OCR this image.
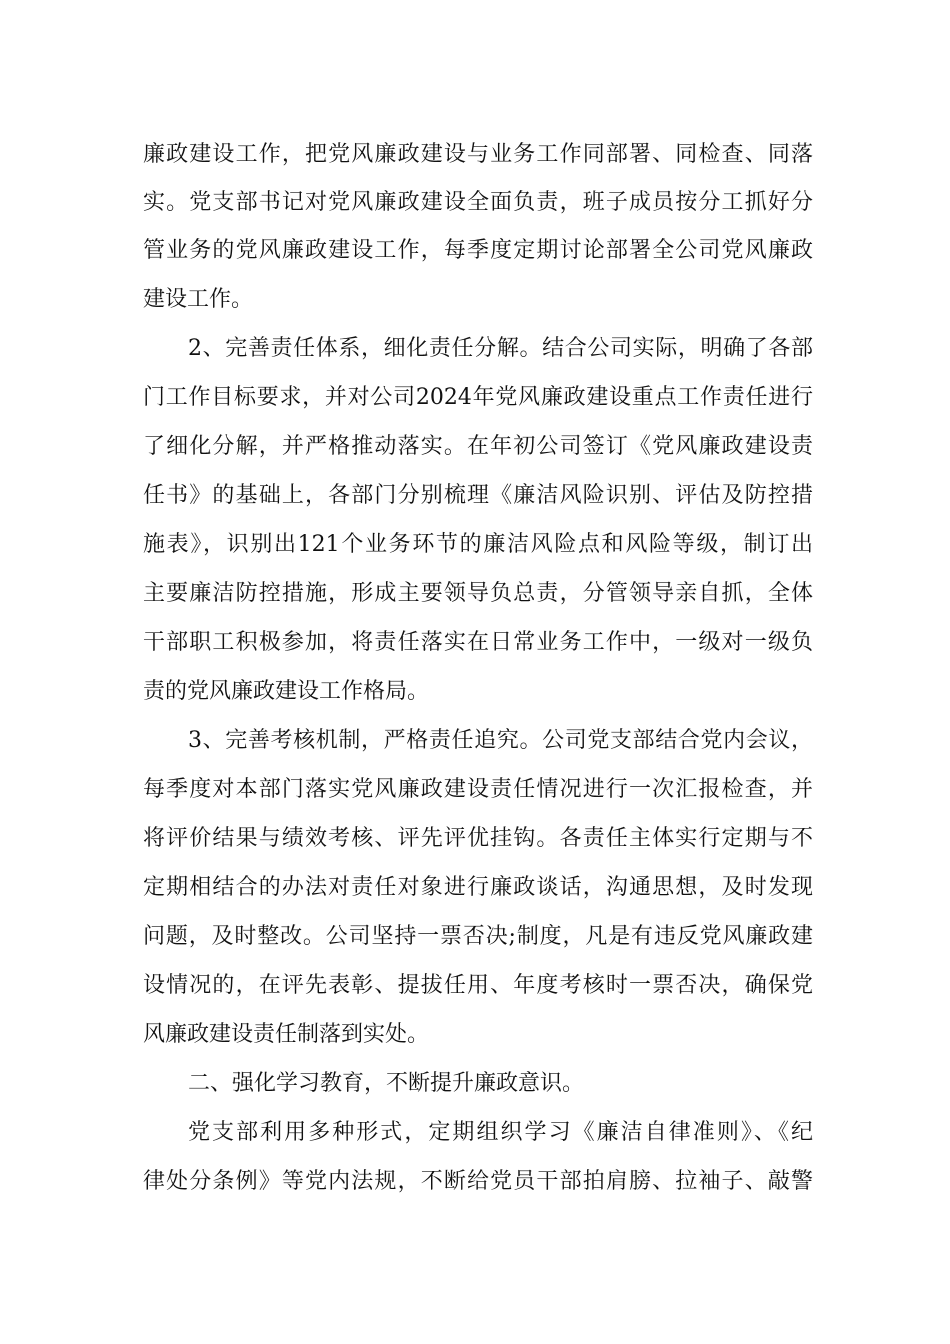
廉政建设工作，把党风廉政建设与业务工作同部署、同检查、同落
实。党支部书记对党风廉政建设全面负责，班子成员按分工抓好分
管业务的党风廉政建设工作，每季度定期讨论部署全公司党风廉政
建设工作。
2、完善责任体系，细化责任分解。结合公司实际，明确了各部
门工作目标要求，并对公司2024年党风廉政建设重点工作责任进行
了细化分解，并严格推动落实。在年初公司签订《党风廉政建设责
任书》的基础上，各部门分别梳理《廉洁风险识别、评估及防控措
施表》，识别出121个业务环节的廉洁风险点和风险等级，制订出
主要廉洁防控措施，形成主要领导负总责，分管领导亲自抓，全体
干部职工积极参加，将责任落实在日常业务工作中，一级对一级负
责的党风廉政建设工作格局。
3、完善考核机制，严格责任追究。公司党支部结合党内会议，
每季度对本部门落实党风廉政建设责任情况进行一次汇报检查，并
将评价结果与绩效考核、评先评优挂钩。各责任主体实行定期与不
定期相结合的办法对责任对象进行廉政谈话，沟通思想，及时发现
问题，及时整改。公司坚持一票否决;制度，凡是有违反党风廉政建
设情况的，在评先表彰、提拔任用、年度考核时一票否决，确保党
风廉政建设责任制落到实处。
二、强化学习教育，不断提升廉政意识。
党支部利用多种形式，定期组织学习《廉洁自律准则》、《纪
律处分条例》等党内法规，不断给党员干部拍肩膀、拉袖子、敲警
